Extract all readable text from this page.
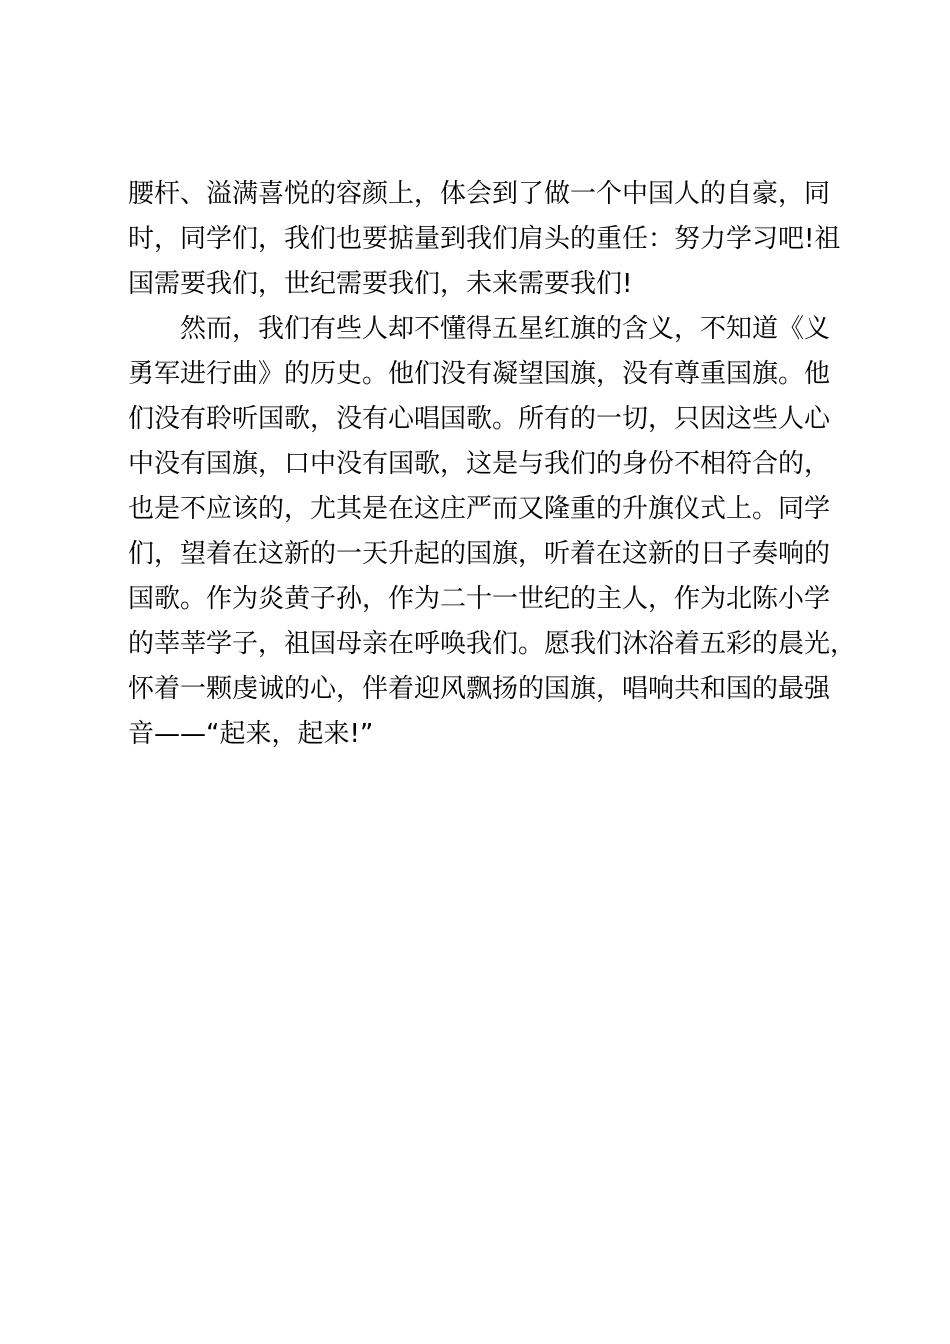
腰杆、溢满喜悦的容颜上，体会到了做一个中国人的自豪，同
时，同学们，我们也要掂量到我们肩头的重任：努力学习吧!祖
国需要我们，世纪需要我们，未来需要我们!
然而，我们有些人却不懂得五星红旗的含义，不知道《义
勇军进行曲》的历史。他们没有凝望国旗，没有尊重国旗。他
们没有聆听国歌，没有心唱国歌。所有的一切，只因这些人心
中没有国旗，口中没有国歌，这是与我们的身份不相符合的，
也是不应该的，尤其是在这庄严而又隆重的升旗仪式上。同学
们，望着在这新的一天升起的国旗，听着在这新的日子奏响的
国歌。作为炎黄子孙，作为二十一世纪的主人，作为北陈小学
的莘莘学子，祖国母亲在呼唤我们。愿我们沐浴着五彩的晨光，
怀着一颗虔诚的心，伴着迎风飘扬的国旗，唱响共和国的最强
音——“起来，起来!”
